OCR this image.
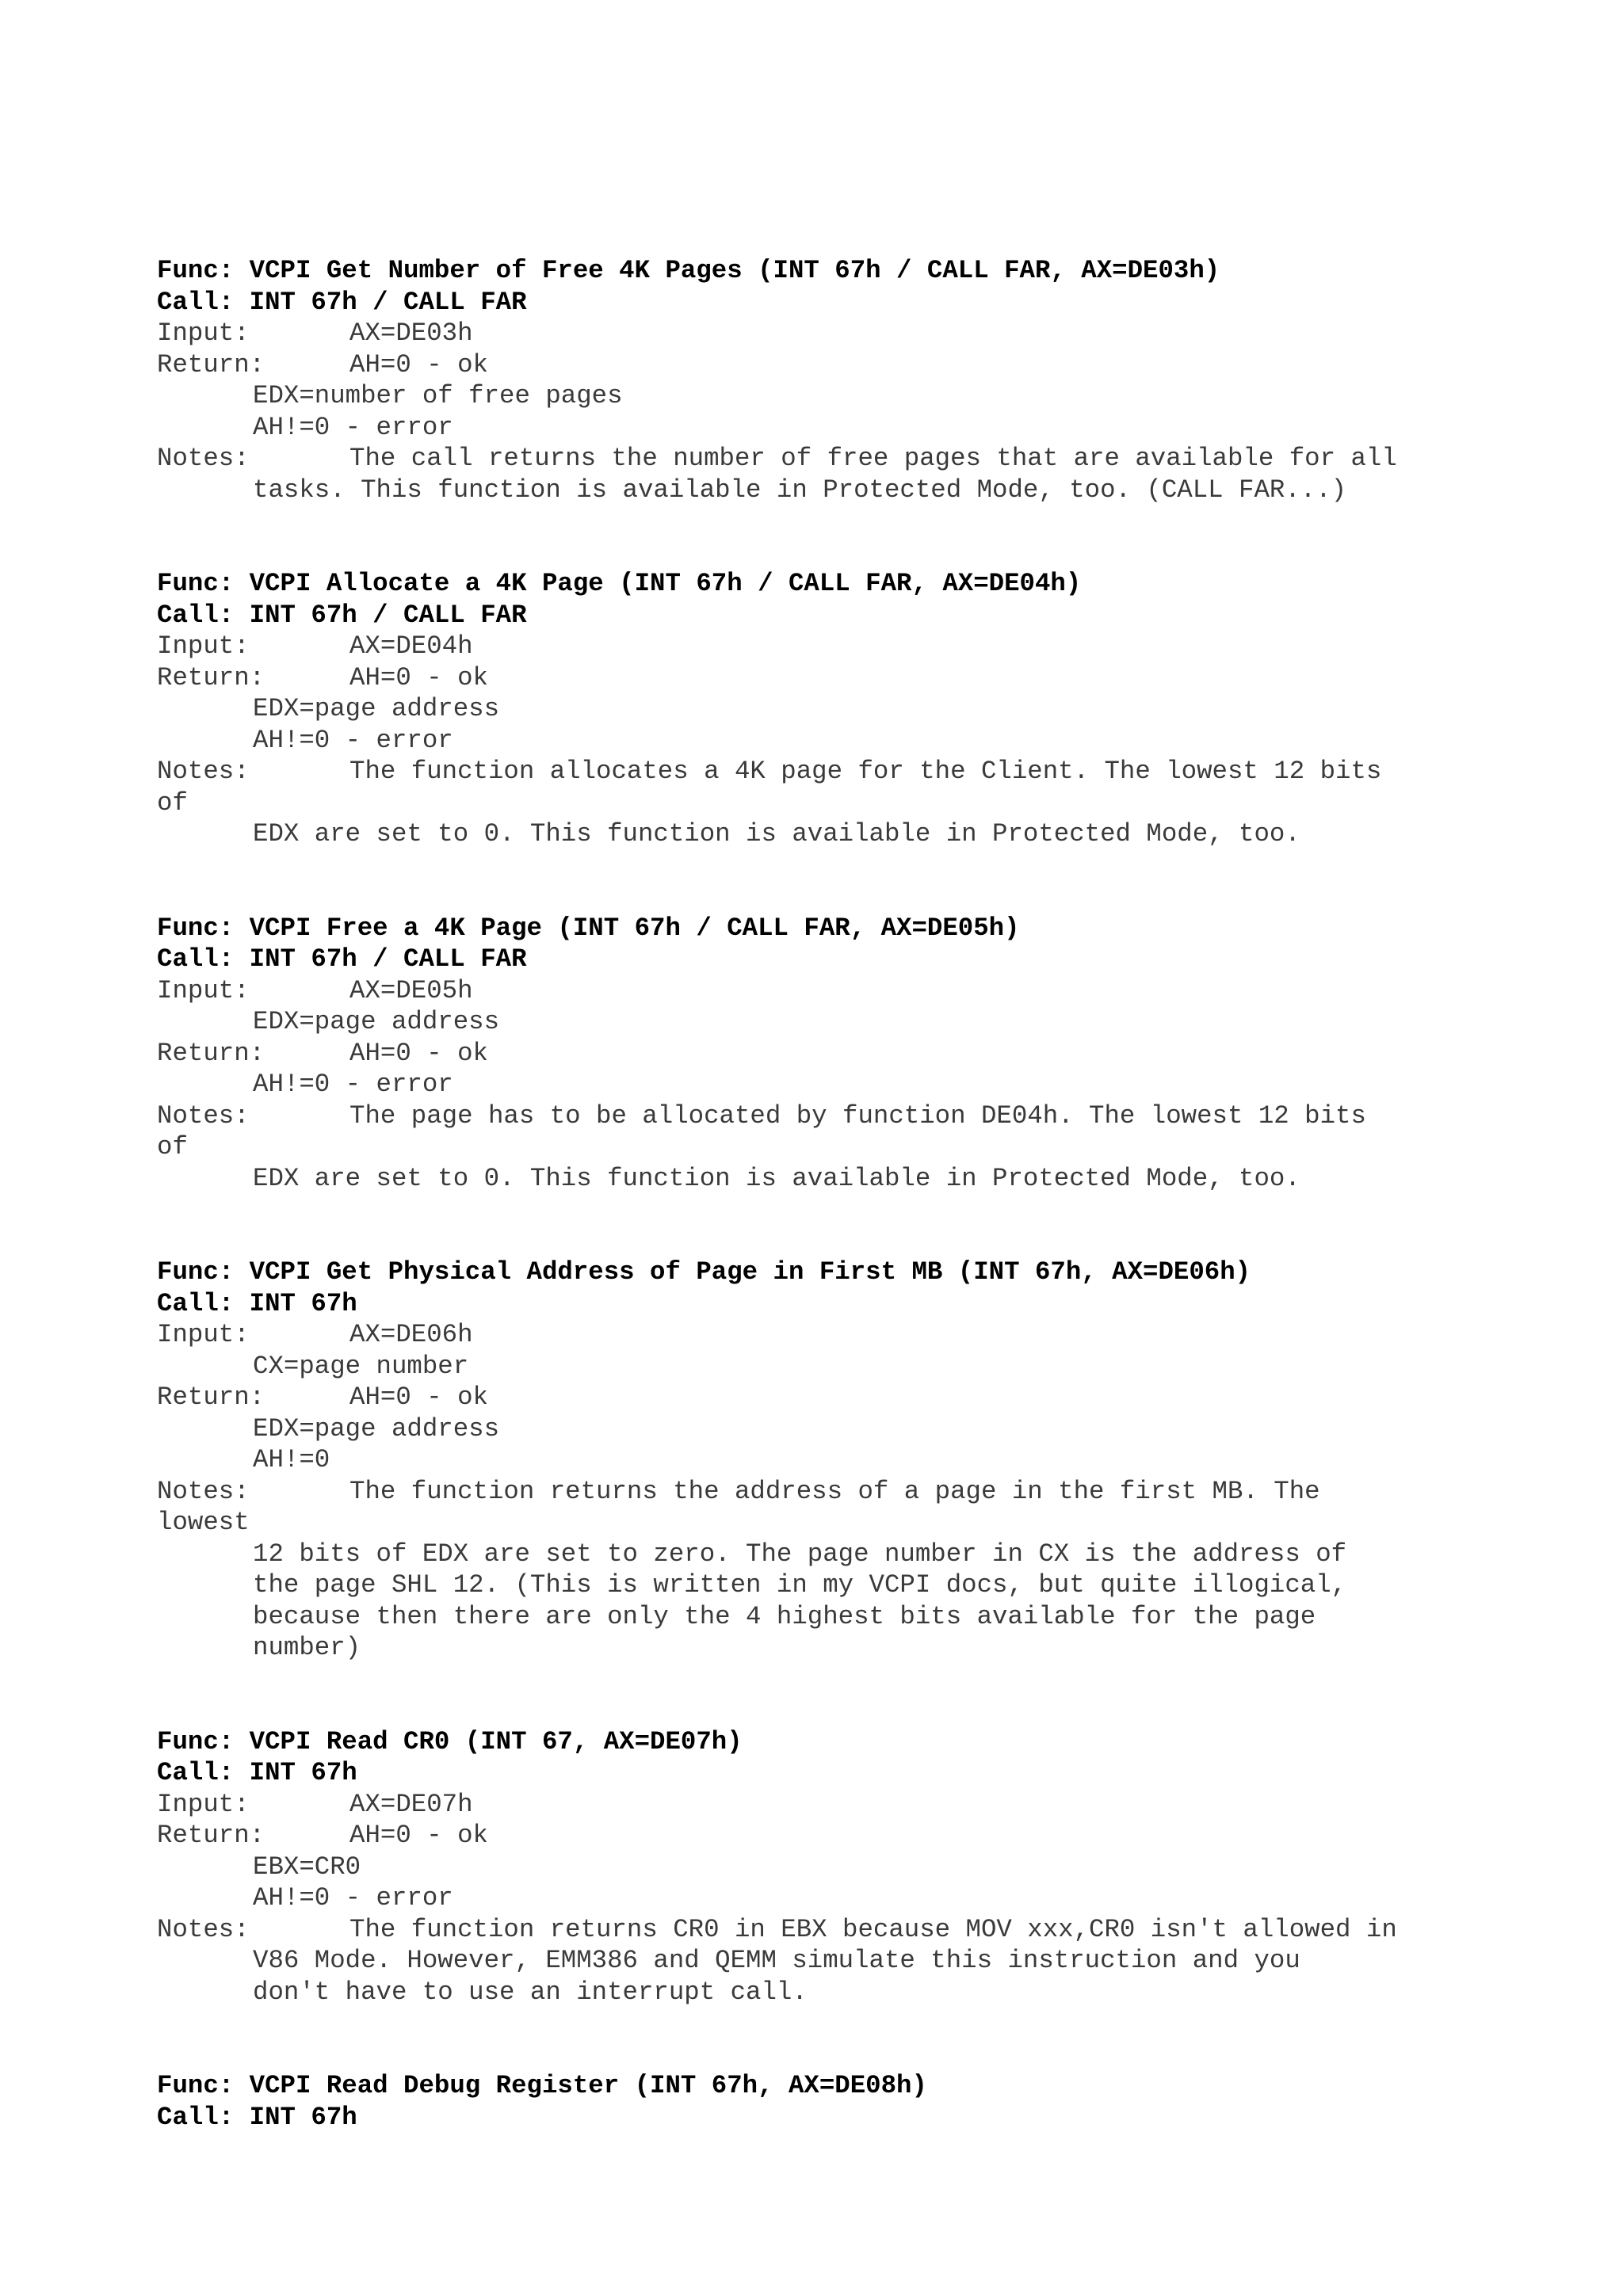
Func: VCPI Get Number of Free 4K Pages (INT 67h / CALL FAR, AX=DE03h)
Call: INT 67h / CALL FAR
Input:	AX=DE03h
Return:	AH=0 - ok
EDX=number of free pages
AH!=0 - error
Notes:	The call returns the number of free pages that are available for all
tasks. This function is available in Protected Mode, too. (CALL FAR...)
Func: VCPI Allocate a 4K Page (INT 67h / CALL FAR, AX=DE04h)
Call: INT 67h / CALL FAR
Input:	AX=DE04h
Return:	AH=0 - ok
EDX=page address
AH!=0 - error
Notes:	The function allocates a 4K page for the Client. The lowest 12 bits
of
EDX are set to 0. This function is available in Protected Mode, too.
Func: VCPI Free a 4K Page (INT 67h / CALL FAR, AX=DE05h)
Call: INT 67h / CALL FAR
Input:	AX=DE05h
EDX=page address
Return:	AH=0 - ok
AH!=0 - error
Notes:	The page has to be allocated by function DE04h. The lowest 12 bits
of
EDX are set to 0. This function is available in Protected Mode, too.
Func: VCPI Get Physical Address of Page in First MB (INT 67h, AX=DE06h)
Call: INT 67h
Input:	AX=DE06h
CX=page number
Return:	AH=0 - ok
EDX=page address
AH!=0
Notes:	The function returns the address of a page in the first MB. The
lowest
12 bits of EDX are set to zero. The page number in CX is the address of
the page SHL 12. (This is written in my VCPI docs, but quite illogical,
because then there are only the 4 highest bits available for the page
number)
Func: VCPI Read CR0 (INT 67, AX=DE07h)
Call: INT 67h
Input:	AX=DE07h
Return:	AH=0 - ok
EBX=CR0
AH!=0 - error
Notes:	The function returns CR0 in EBX because MOV xxx,CR0 isn't allowed in
V86 Mode. However, EMM386 and QEMM simulate this instruction and you
don't have to use an interrupt call.
Func: VCPI Read Debug Register (INT 67h, AX=DE08h)
Call: INT 67h
